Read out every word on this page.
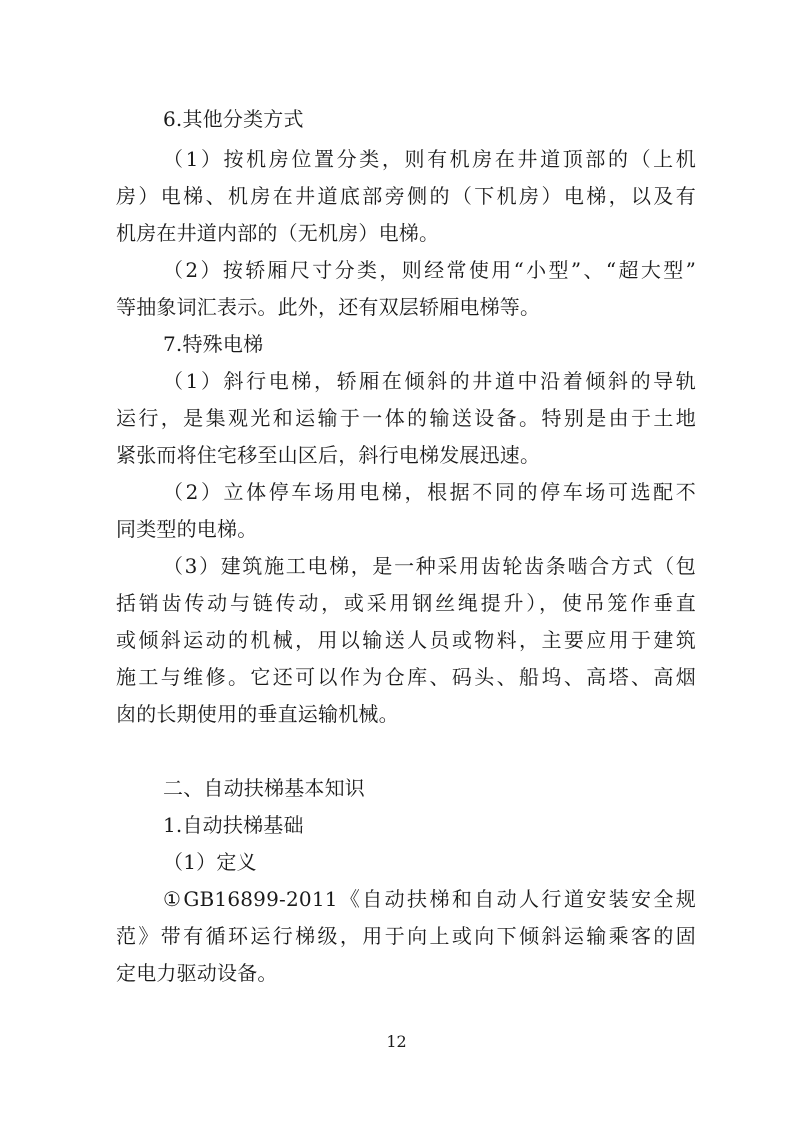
6.其他分类方式
（1）按机房位置分类，则有机房在井道顶部的（上机
房）电梯、机房在井道底部旁侧的（下机房）电梯，以及有
机房在井道内部的（无机房）电梯。
（2）按轿厢尺寸分类，则经常使用“小型”、“超大型”
等抽象词汇表示。此外，还有双层轿厢电梯等。
7.特殊电梯
（1）斜行电梯，轿厢在倾斜的井道中沿着倾斜的导轨
运行，是集观光和运输于一体的输送设备。特别是由于土地
紧张而将住宅移至山区后，斜行电梯发展迅速。
（2）立体停车场用电梯，根据不同的停车场可选配不
同类型的电梯。
（3）建筑施工电梯，是一种采用齿轮齿条啮合方式（包
括销齿传动与链传动，或采用钢丝绳提升），使吊笼作垂直
或倾斜运动的机械，用以输送人员或物料，主要应用于建筑
施工与维修。它还可以作为仓库、码头、船坞、高塔、高烟
囱的长期使用的垂直运输机械。
二、自动扶梯基本知识
1.自动扶梯基础
（1）定义
①GB16899-2011《自动扶梯和自动人行道安装安全规
范》带有循环运行梯级，用于向上或向下倾斜运输乘客的固
定电力驱动设备。
12
